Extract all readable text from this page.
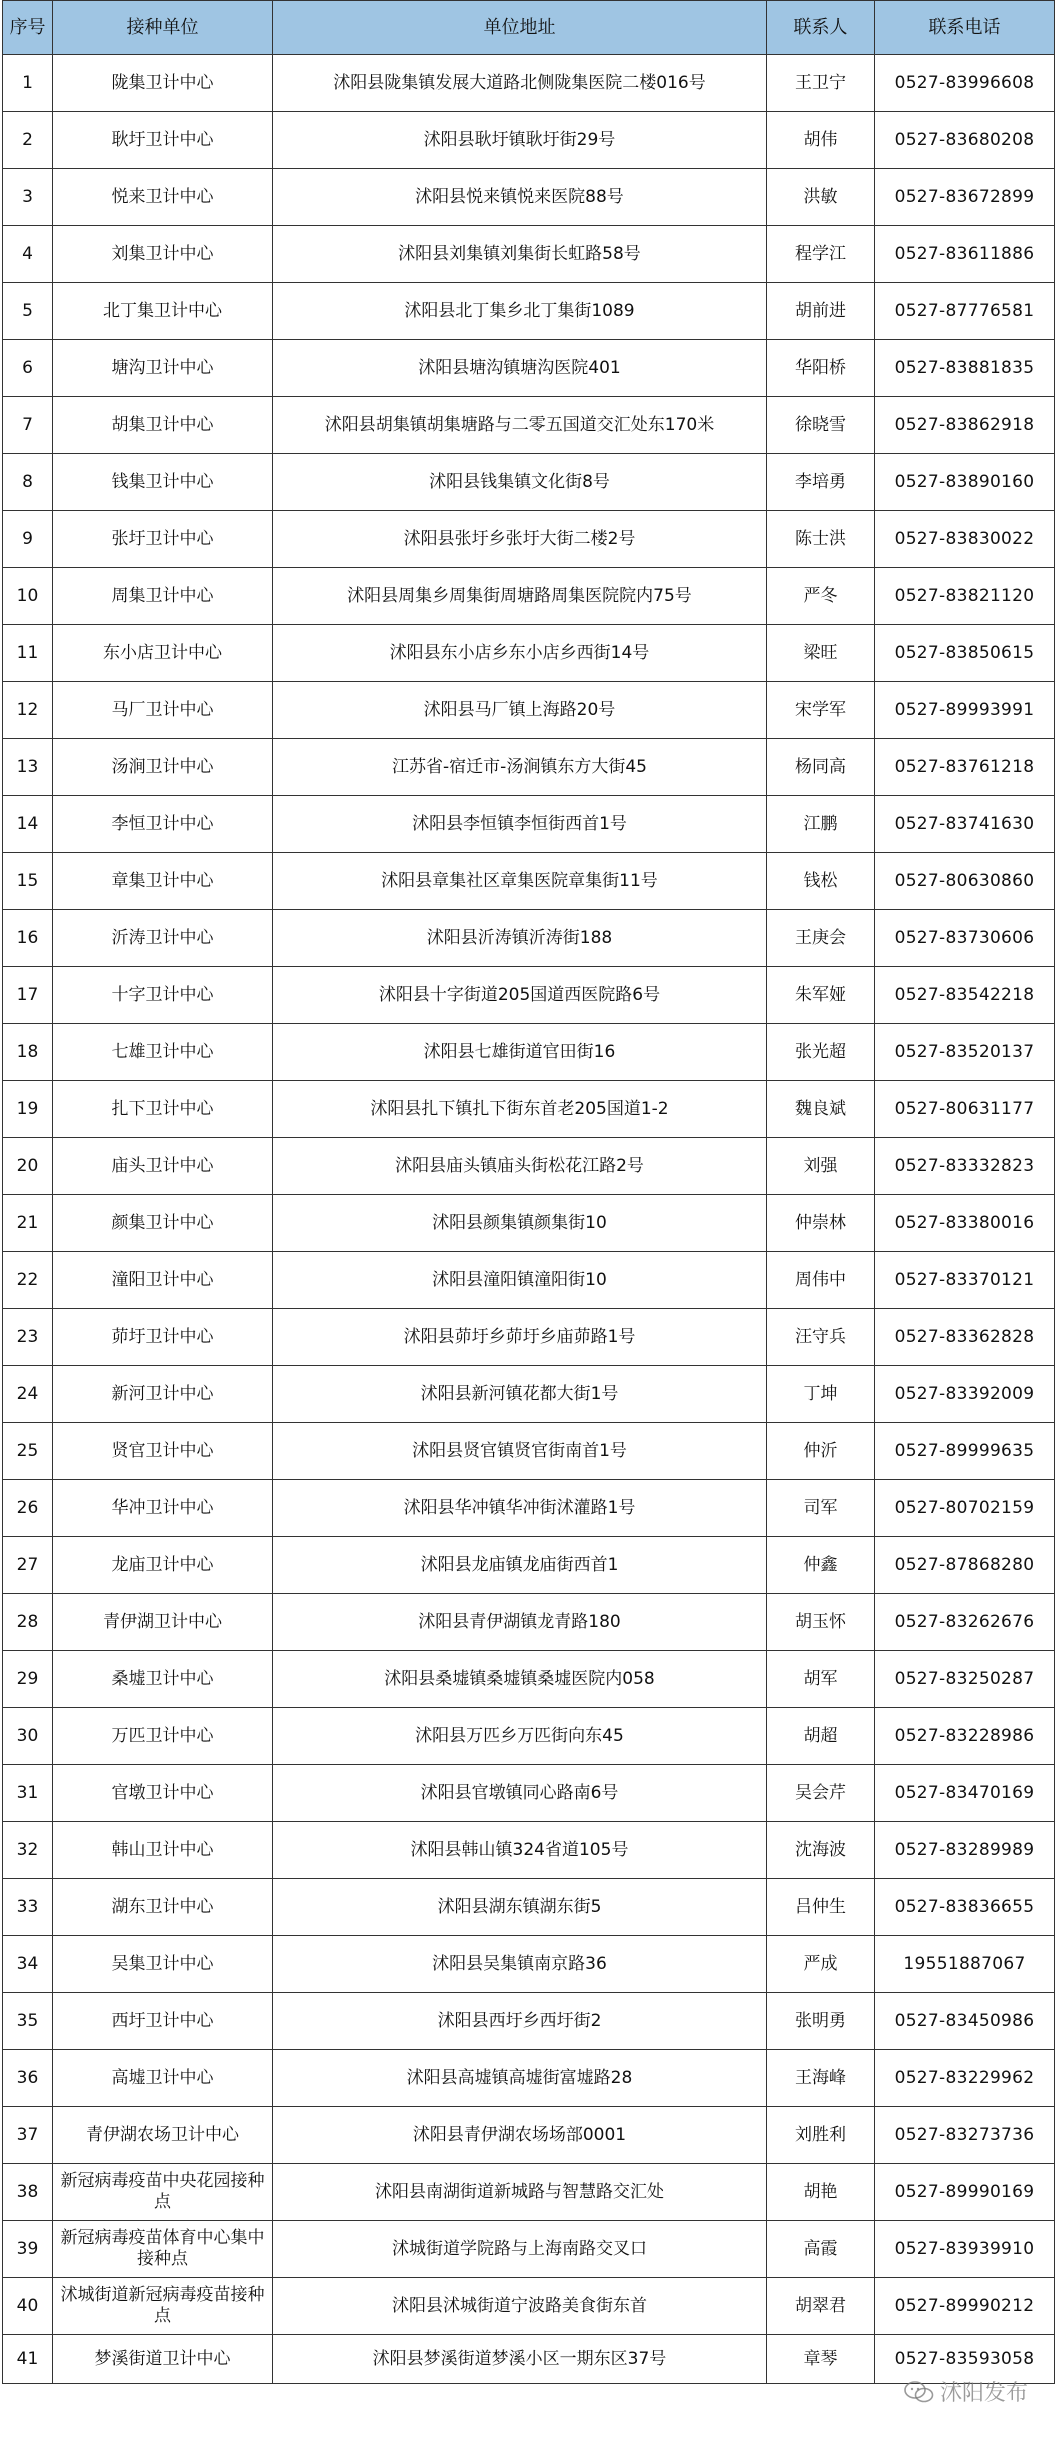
序号	接种单位	单位地址	联系人	联系电话
1	陇集卫计中心	沭阳县陇集镇发展大道路北侧陇集医院二楼016号	王卫宁	0527-83996608
2	耿圩卫计中心	沭阳县耿圩镇耿圩街29号	胡伟	0527-83680208
3	悦来卫计中心	沭阳县悦来镇悦来医院88号	洪敏	0527-83672899
4	刘集卫计中心	沭阳县刘集镇刘集街长虹路58号	程学江	0527-83611886
5	北丁集卫计中心	沭阳县北丁集乡北丁集街1089	胡前进	0527-87776581
6	塘沟卫计中心	沭阳县塘沟镇塘沟医院401	华阳桥	0527-83881835
7	胡集卫计中心	沭阳县胡集镇胡集塘路与二零五国道交汇处东170米	徐晓雪	0527-83862918
8	钱集卫计中心	沭阳县钱集镇文化街8号	李培勇	0527-83890160
9	张圩卫计中心	沭阳县张圩乡张圩大街二楼2号	陈士洪	0527-83830022
10	周集卫计中心	沭阳县周集乡周集街周塘路周集医院院内75号	严冬	0527-83821120
11	东小店卫计中心	沭阳县东小店乡东小店乡西街14号	梁旺	0527-83850615
12	马厂卫计中心	沭阳县马厂镇上海路20号	宋学军	0527-89993991
13	汤涧卫计中心	江苏省-宿迁市-汤涧镇东方大街45	杨同高	0527-83761218
14	李恒卫计中心	沭阳县李恒镇李恒街西首1号	江鹏	0527-83741630
15	章集卫计中心	沭阳县章集社区章集医院章集街11号	钱松	0527-80630860
16	沂涛卫计中心	沭阳县沂涛镇沂涛街188	王庚会	0527-83730606
17	十字卫计中心	沭阳县十字街道205国道西医院路6号	朱军娅	0527-83542218
18	七雄卫计中心	沭阳县七雄街道官田街16	张光超	0527-83520137
19	扎下卫计中心	沭阳县扎下镇扎下街东首老205国道1-2	魏良斌	0527-80631177
20	庙头卫计中心	沭阳县庙头镇庙头街松花江路2号	刘强	0527-83332823
21	颜集卫计中心	沭阳县颜集镇颜集街10	仲崇林	0527-83380016
22	潼阳卫计中心	沭阳县潼阳镇潼阳街10	周伟中	0527-83370121
23	茆圩卫计中心	沭阳县茆圩乡茆圩乡庙茆路1号	汪守兵	0527-83362828
24	新河卫计中心	沭阳县新河镇花都大街1号	丁坤	0527-83392009
25	贤官卫计中心	沭阳县贤官镇贤官街南首1号	仲沂	0527-89999635
26	华冲卫计中心	沭阳县华冲镇华冲街沭灌路1号	司军	0527-80702159
27	龙庙卫计中心	沭阳县龙庙镇龙庙街西首1	仲鑫	0527-87868280
28	青伊湖卫计中心	沭阳县青伊湖镇龙青路180	胡玉怀	0527-83262676
29	桑墟卫计中心	沭阳县桑墟镇桑墟镇桑墟医院内058	胡军	0527-83250287
30	万匹卫计中心	沭阳县万匹乡万匹街向东45	胡超	0527-83228986
31	官墩卫计中心	沭阳县官墩镇同心路南6号	吴会芹	0527-83470169
32	韩山卫计中心	沭阳县韩山镇324省道105号	沈海波	0527-83289989
33	湖东卫计中心	沭阳县湖东镇湖东街5	吕仲生	0527-83836655
34	吴集卫计中心	沭阳县吴集镇南京路36	严成	19551887067
35	西圩卫计中心	沭阳县西圩乡西圩街2	张明勇	0527-83450986
36	高墟卫计中心	沭阳县高墟镇高墟街富墟路28	王海峰	0527-83229962
37	青伊湖农场卫计中心	沭阳县青伊湖农场场部0001	刘胜利	0527-83273736
38	新冠病毒疫苗中央花园接种点	沭阳县南湖街道新城路与智慧路交汇处	胡艳	0527-89990169
39	新冠病毒疫苗体育中心集中接种点	沭城街道学院路与上海南路交叉口	高霞	0527-83939910
40	沭城街道新冠病毒疫苗接种点	沭阳县沭城街道宁波路美食街东首	胡翠君	0527-89990212
41	梦溪街道卫计中心	沭阳县梦溪街道梦溪小区一期东区37号	章琴	0527-83593058
沭阳发布
